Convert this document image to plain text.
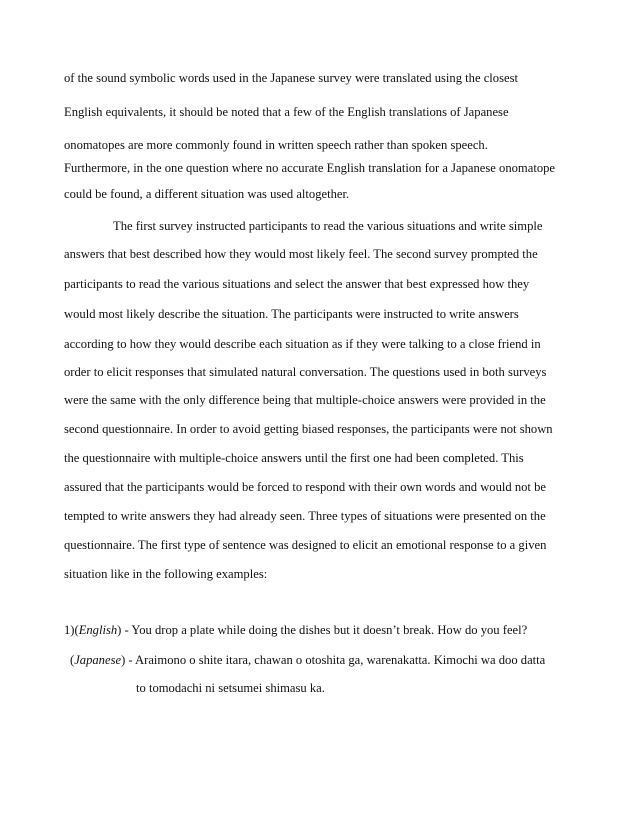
of the sound symbolic words used in the Japanese survey were translated using the closest
English equivalents, it should be noted that a few of the English translations of Japanese
onomatopes are more commonly found in written speech rather than spoken speech.
Furthermore, in the one question where no accurate English translation for a Japanese onomatope
could be found, a different situation was used altogether.
The first survey instructed participants to read the various situations and write simple
answers that best described how they would most likely feel. The second survey prompted the
participants to read the various situations and select the answer that best expressed how they
would most likely describe the situation. The participants were instructed to write answers
according to how they would describe each situation as if they were talking to a close friend in
order to elicit responses that simulated natural conversation. The questions used in both surveys
were the same with the only difference being that multiple-choice answers were provided in the
second questionnaire. In order to avoid getting biased responses, the participants were not shown
the questionnaire with multiple-choice answers until the first one had been completed. This
assured that the participants would be forced to respond with their own words and would not be
tempted to write answers they had already seen. Three types of situations were presented on the
questionnaire. The first type of sentence was designed to elicit an emotional response to a given
situation like in the following examples:
1)(English) - You drop a plate while doing the dishes but it doesn’t break. How do you feel?
(Japanese) - Araimono o shite itara, chawan o otoshita ga, warenakatta. Kimochi wa doo datta
to tomodachi ni setsumei shimasu ka.
